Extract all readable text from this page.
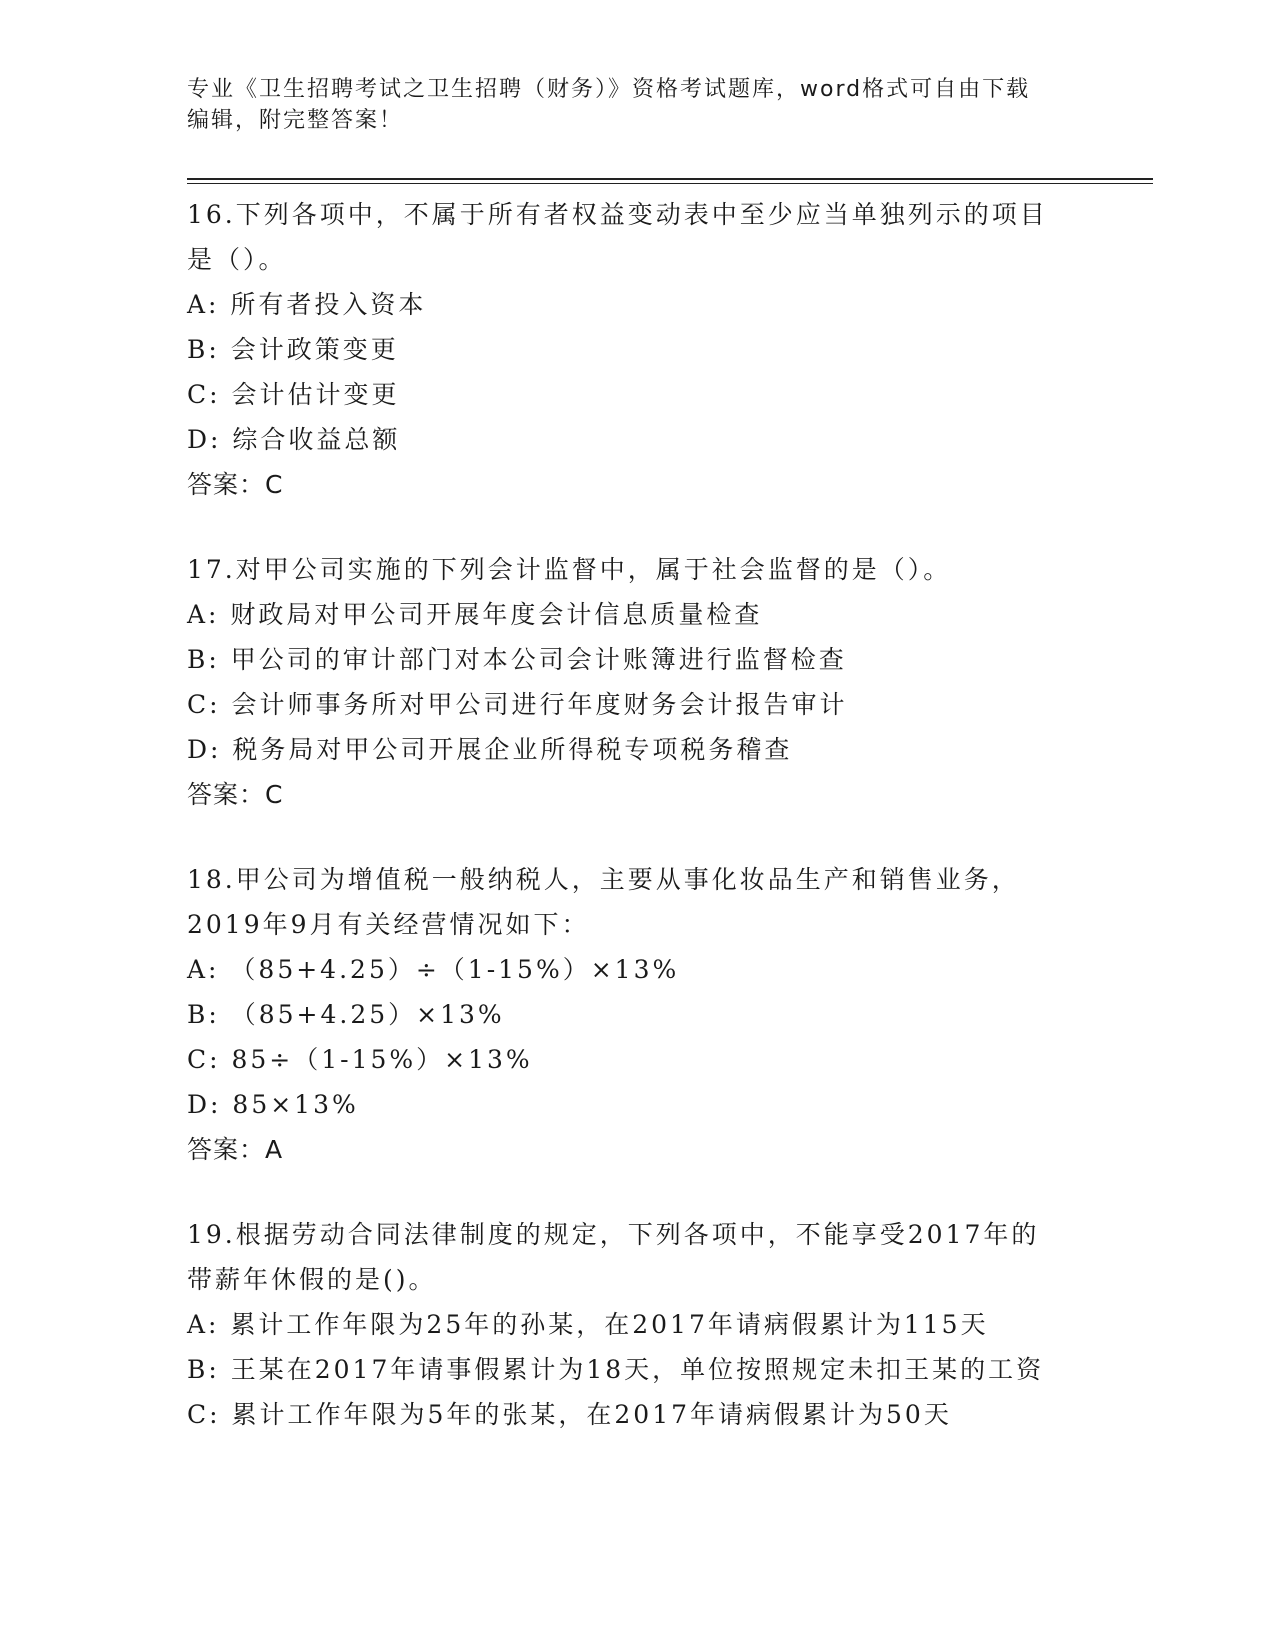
专业《卫生招聘考试之卫生招聘（财务）》资格考试题库，word格式可自由下载
编辑，附完整答案！
16.下列各项中，不属于所有者权益变动表中至少应当单独列示的项目
是（）。
A: 所有者投入资本
B: 会计政策变更
C: 会计估计变更
D: 综合收益总额
答案：C
17.对甲公司实施的下列会计监督中，属于社会监督的是（）。
A: 财政局对甲公司开展年度会计信息质量检查
B: 甲公司的审计部门对本公司会计账簿进行监督检查
C: 会计师事务所对甲公司进行年度财务会计报告审计
D: 税务局对甲公司开展企业所得税专项税务稽查
答案：C
18.甲公司为增值税一般纳税人，主要从事化妆品生产和销售业务，
2019年9月有关经营情况如下：
A: （85+4.25）÷（1-15%）×13%
B: （85+4.25）×13%
C: 85÷（1-15%）×13%
D: 85×13%
答案：A
19.根据劳动合同法律制度的规定，下列各项中，不能享受2017年的
带薪年休假的是()。
A: 累计工作年限为25年的孙某，在2017年请病假累计为115天
B: 王某在2017年请事假累计为18天，单位按照规定未扣王某的工资
C: 累计工作年限为5年的张某，在2017年请病假累计为50天
